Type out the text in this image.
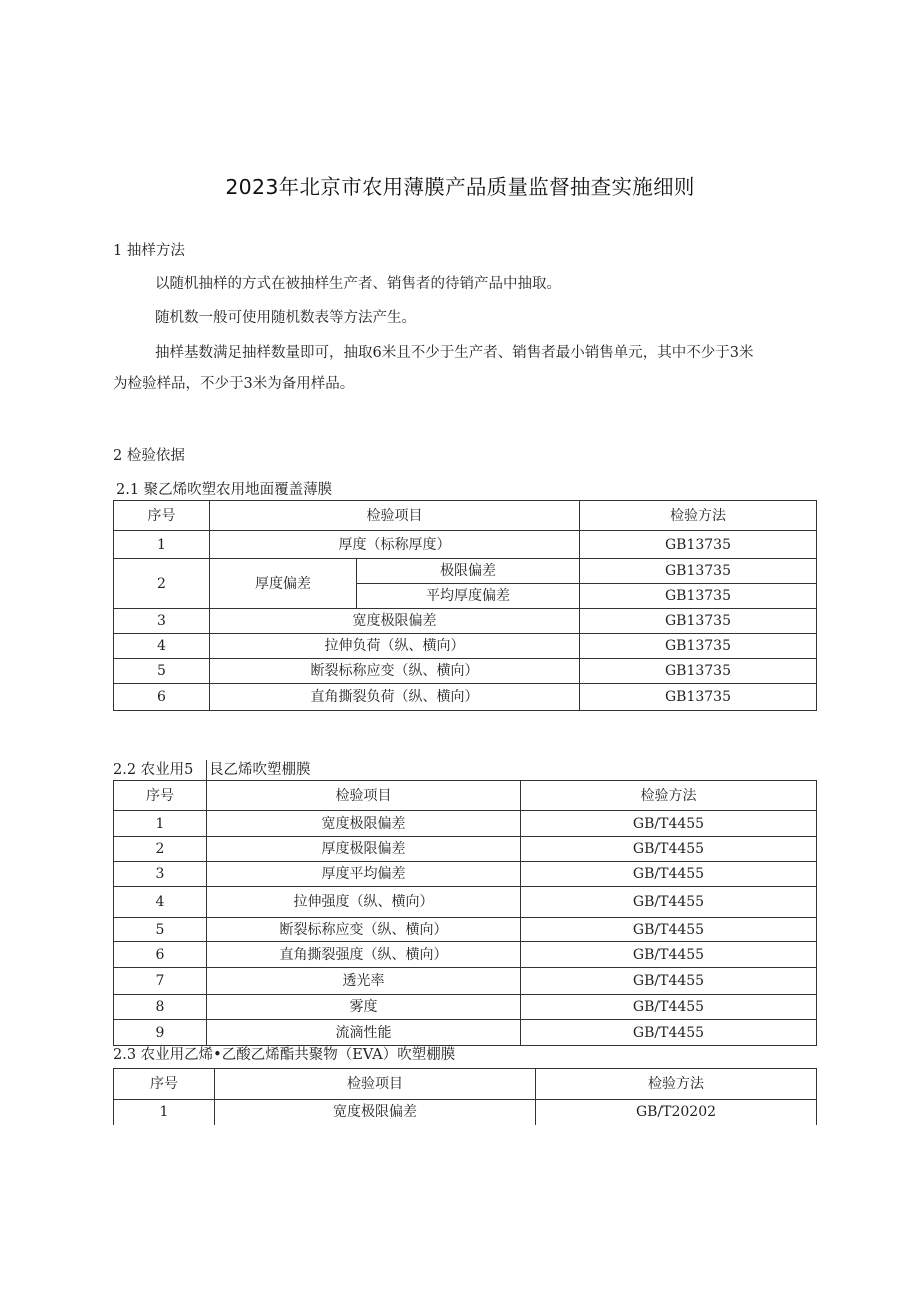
2023年北京市农用薄膜产品质量监督抽查实施细则
1 抽样方法
以随机抽样的方式在被抽样生产者、销售者的待销产品中抽取。
随机数一般可使用随机数表等方法产生。
抽样基数满足抽样数量即可，抽取6米且不少于生产者、销售者最小销售单元，其中不少于3米
为检验样品，不少于3米为备用样品。
2 检验依据
2.1 聚乙烯吹塑农用地面覆盖薄膜
序号	检验项目		检验方法
1	厚度（标称厚度）		GB13735
2	厚度偏差	极限偏差	GB13735
		平均厚度偏差	GB13735
3	宽度极限偏差		GB13735
4	拉伸负荷（纵、横向）		GB13735
5	断裂标称应变（纵、横向）		GB13735
6	直角撕裂负荷（纵、横向）		GB13735
2.2 农业用5 艮乙烯吹塑棚膜
序号	检验项目	检验方法
1	宽度极限偏差	GB/T4455
2	厚度极限偏差	GB/T4455
3	厚度平均偏差	GB/T4455
4	拉伸强度（纵、横向）	GB/T4455
5	断裂标称应变（纵、横向）	GB/T4455
6	直角撕裂强度（纵、横向）	GB/T4455
7	透光率	GB/T4455
8	雾度	GB/T4455
9	流滴性能	GB/T4455
2.3 农业用乙烯•乙酸乙烯酯共聚物（EVA）吹塑棚膜
序号	检验项目	检验方法
1	宽度极限偏差	GB/T20202
